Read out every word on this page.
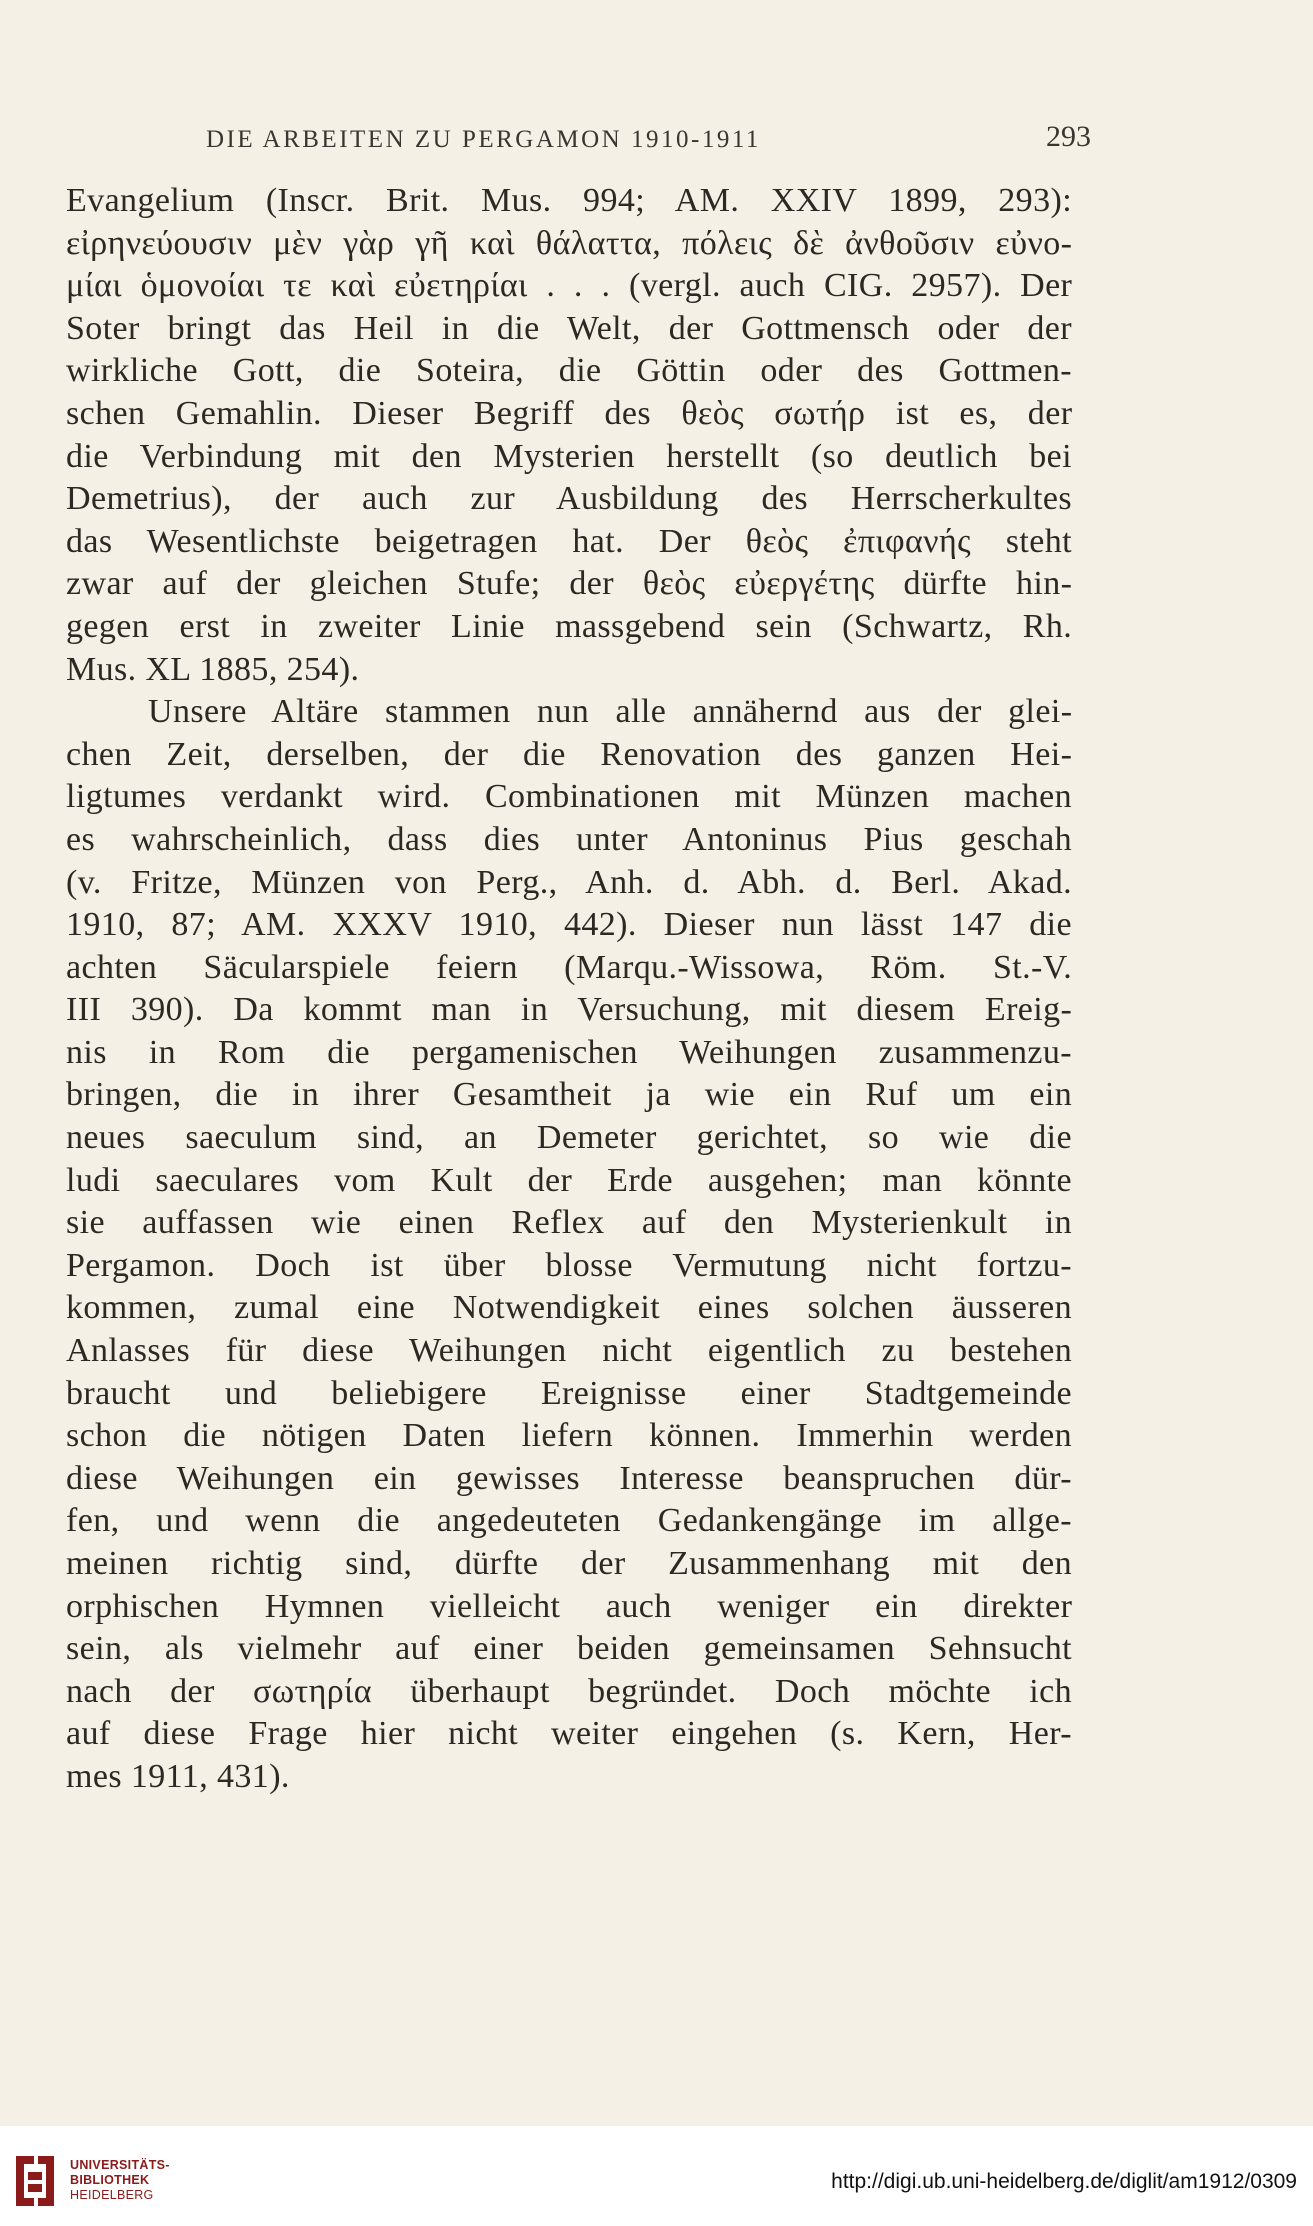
DIE ARBEITEN ZU PERGAMON 1910-1911	293

Evangelium (Inscr. Brit. Mus. 994; AM. XXIV 1899, 293):
εἰρηνεύουσιν μὲν γὰρ γῆ καὶ θάλαττα, πόλεις δὲ ἀνθοῦσιν εὐνο-
μίαι ὁμονοίαι τε καὶ εὐετηρίαι . . . (vergl. auch CIG. 2957). Der
Soter bringt das Heil in die Welt, der Gottmensch oder der
wirkliche Gott, die Soteira, die Göttin oder des Gottmen-
schen Gemahlin. Dieser Begriff des θεὸς σωτήρ ist es, der
die Verbindung mit den Mysterien herstellt (so deutlich bei
Demetrius), der auch zur Ausbildung des Herrscherkultes
das Wesentlichste beigetragen hat. Der θεὸς ἐπιφανής steht
zwar auf der gleichen Stufe; der θεὸς εὐεργέτης dürfte hin-
gegen erst in zweiter Linie massgebend sein (Schwartz, Rh.
Mus. XL 1885, 254).

Unsere Altäre stammen nun alle annähernd aus der glei-
chen Zeit, derselben, der die Renovation des ganzen Hei-
ligtumes verdankt wird. Combinationen mit Münzen machen
es wahrscheinlich, dass dies unter Antoninus Pius geschah
(v. Fritze, Münzen von Perg., Anh. d. Abh. d. Berl. Akad.
1910, 87; AM. XXXV 1910, 442). Dieser nun lässt 147 die
achten Säcularspiele feiern (Marqu.-Wissowa, Röm. St.-V.
III 390). Da kommt man in Versuchung, mit diesem Ereig-
nis in Rom die pergamenischen Weihungen zusammenzu-
bringen, die in ihrer Gesamtheit ja wie ein Ruf um ein
neues saeculum sind, an Demeter gerichtet, so wie die
ludi saeculares vom Kult der Erde ausgehen; man könnte
sie auffassen wie einen Reflex auf den Mysterienkult in
Pergamon. Doch ist über blosse Vermutung nicht fortzu-
kommen, zumal eine Notwendigkeit eines solchen äusseren
Anlasses für diese Weihungen nicht eigentlich zu bestehen
braucht und beliebigere Ereignisse einer Stadtgemeinde
schon die nötigen Daten liefern können. Immerhin werden
diese Weihungen ein gewisses Interesse beanspruchen dür-
fen, und wenn die angedeuteten Gedankengänge im allge-
meinen richtig sind, dürfte der Zusammenhang mit den
orphischen Hymnen vielleicht auch weniger ein direkter
sein, als vielmehr auf einer beiden gemeinsamen Sehnsucht
nach der σωτηρία überhaupt begründet. Doch möchte ich
auf diese Frage hier nicht weiter eingehen (s. Kern, Her-
mes 1911, 431).

UNIVERSITÄTS-
BIBLIOTHEK
HEIDELBERG
http://digi.ub.uni-heidelberg.de/diglit/am1912/0309
